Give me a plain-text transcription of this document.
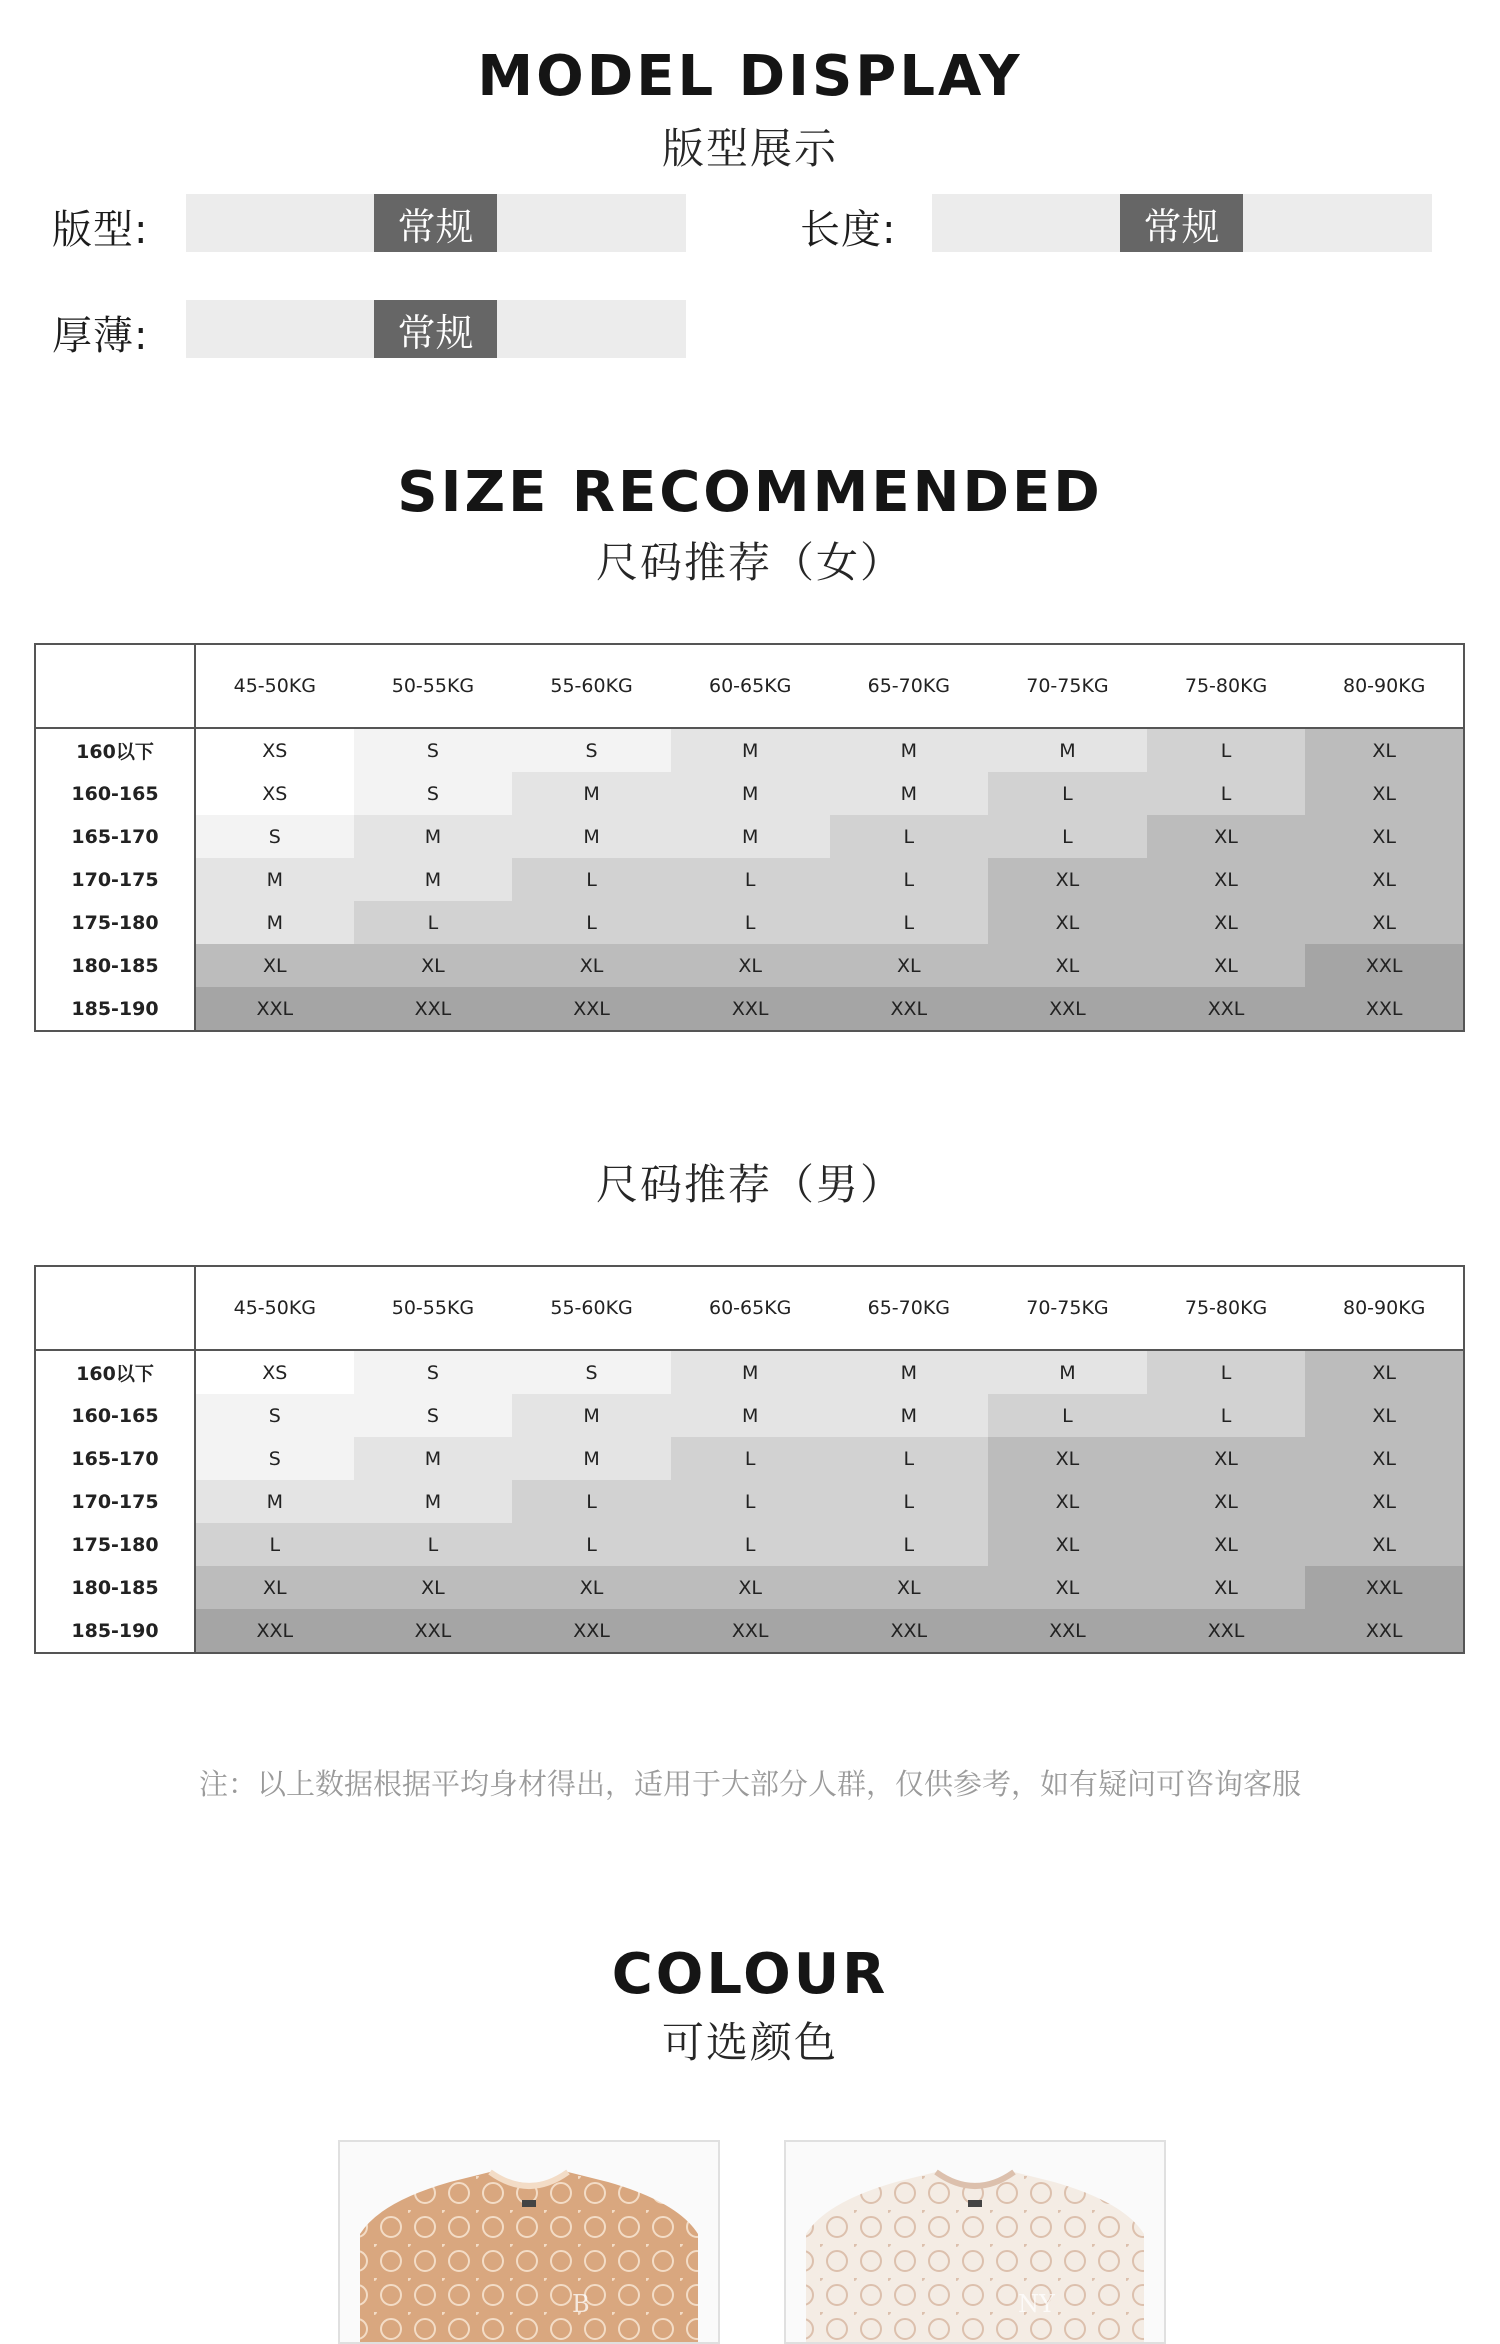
MODEL DISPLAY
版型展示
版型:	常规	长度:	常规
厚薄:	常规
SIZE RECOMMENDED
尺码推荐（女）
	45-50KG	50-55KG	55-60KG	60-65KG	65-70KG	70-75KG	75-80KG	80-90KG
160以下	XS	S	S	M	M	M	L	XL
160-165	XS	S	M	M	M	L	L	XL
165-170	S	M	M	M	L	L	XL	XL
170-175	M	M	L	L	L	XL	XL	XL
175-180	M	L	L	L	L	XL	XL	XL
180-185	XL	XL	XL	XL	XL	XL	XL	XXL
185-190	XXL	XXL	XXL	XXL	XXL	XXL	XXL	XXL
尺码推荐（男）
	45-50KG	50-55KG	55-60KG	60-65KG	65-70KG	70-75KG	75-80KG	80-90KG
160以下	XS	S	S	M	M	M	L	XL
160-165	S	S	M	M	M	L	L	XL
165-170	S	M	M	L	L	XL	XL	XL
170-175	M	M	L	L	L	XL	XL	XL
175-180	L	L	L	L	L	XL	XL	XL
180-185	XL	XL	XL	XL	XL	XL	XL	XXL
185-190	XXL	XXL	XXL	XXL	XXL	XXL	XXL	XXL
注：以上数据根据平均身材得出，适用于大部分人群，仅供参考，如有疑问可咨询客服
COLOUR
可选颜色
B	NY
